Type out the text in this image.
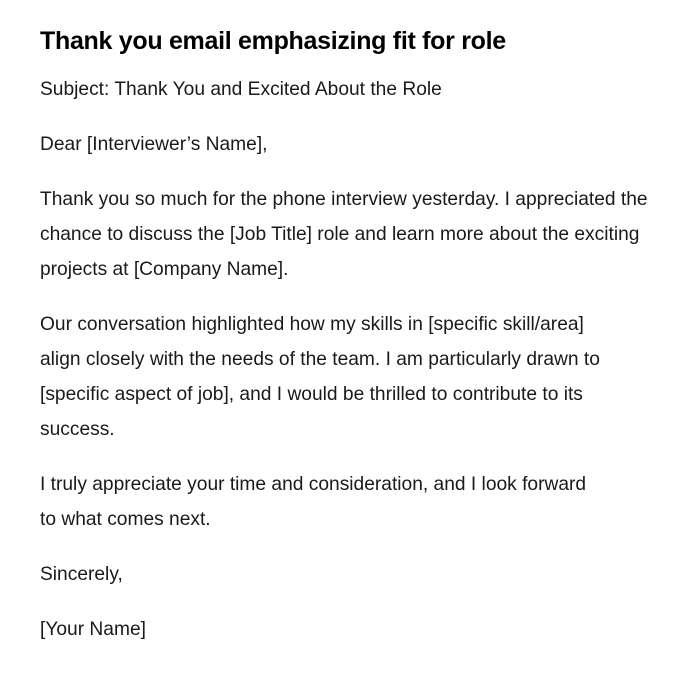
Thank you email emphasizing fit for role

Subject: Thank You and Excited About the Role

Dear [Interviewer’s Name],

Thank you so much for the phone interview yesterday. I appreciated the chance to discuss the [Job Title] role and learn more about the exciting projects at [Company Name].

Our conversation highlighted how my skills in [specific skill/area] align closely with the needs of the team. I am particularly drawn to [specific aspect of job], and I would be thrilled to contribute to its success.

I truly appreciate your time and consideration, and I look forward to what comes next.

Sincerely,

[Your Name]
